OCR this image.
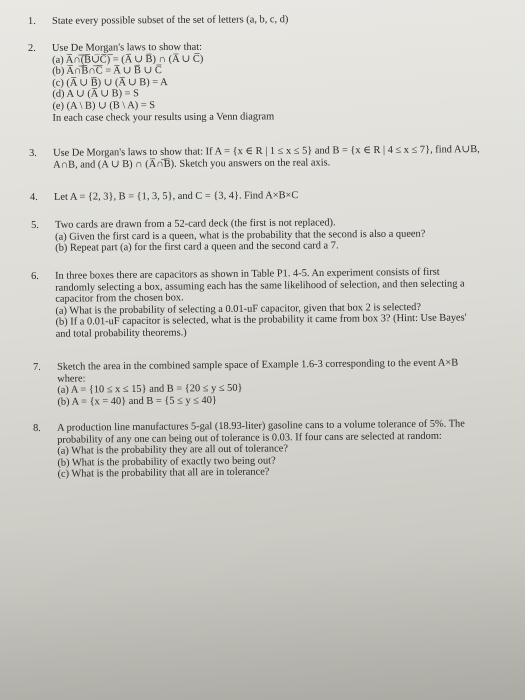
1. State every possible subset of the set of letters (a, b, c, d)
2. Use De Morgan's laws to show that:
(a) A̅∩̅(̅B̅∪̅C̅)̅ = (A̅ ∪ B̅) ∩ (A̅ ∪ C̅)
(b) A̅∩̅B̅∩̅C̅ = A̅ ∪ B̅ ∪ C̅
(c) (A̅ ∪ B̅) ∪ (A̅ ∪ B) = A
(d) A ∪ (A̅ ∪ B) = S
(e) (A \ B) ∪ (B \ A) = S
In each case check your results using a Venn diagram
3. Use De Morgan's laws to show that: If A = {x ∈ R | 1 ≤ x ≤ 5} and B = {x ∈ R | 4 ≤ x ≤ 7}, find A∪B,
A∩B, and (A ∪ B) ∩ (A̅∩̅B̅). Sketch you answers on the real axis.
4. Let A = {2, 3}, B = {1, 3, 5}, and C = {3, 4}. Find A×B×C
5. Two cards are drawn from a 52-card deck (the first is not replaced).
(a) Given the first card is a queen, what is the probability that the second is also a queen?
(b) Repeat part (a) for the first card a queen and the second card a 7.
6. In three boxes there are capacitors as shown in Table P1. 4-5. An experiment consists of first
randomly selecting a box, assuming each has the same likelihood of selection, and then selecting a
capacitor from the chosen box.
(a) What is the probability of selecting a 0.01-uF capacitor, given that box 2 is selected?
(b) If a 0.01-uF capacitor is selected, what is the probability it came from box 3? (Hint: Use Bayes'
and total probability theorems.)
7. Sketch the area in the combined sample space of Example 1.6-3 corresponding to the event A×B
where:
(a) A = {10 ≤ x ≤ 15} and B = {20 ≤ y ≤ 50}
(b) A = {x = 40} and B = {5 ≤ y ≤ 40}
8. A production line manufactures 5-gal (18.93-liter) gasoline cans to a volume tolerance of 5%. The
probability of any one can being out of tolerance is 0.03. If four cans are selected at random:
(a) What is the probability they are all out of tolerance?
(b) What is the probability of exactly two being out?
(c) What is the probability that all are in tolerance?
